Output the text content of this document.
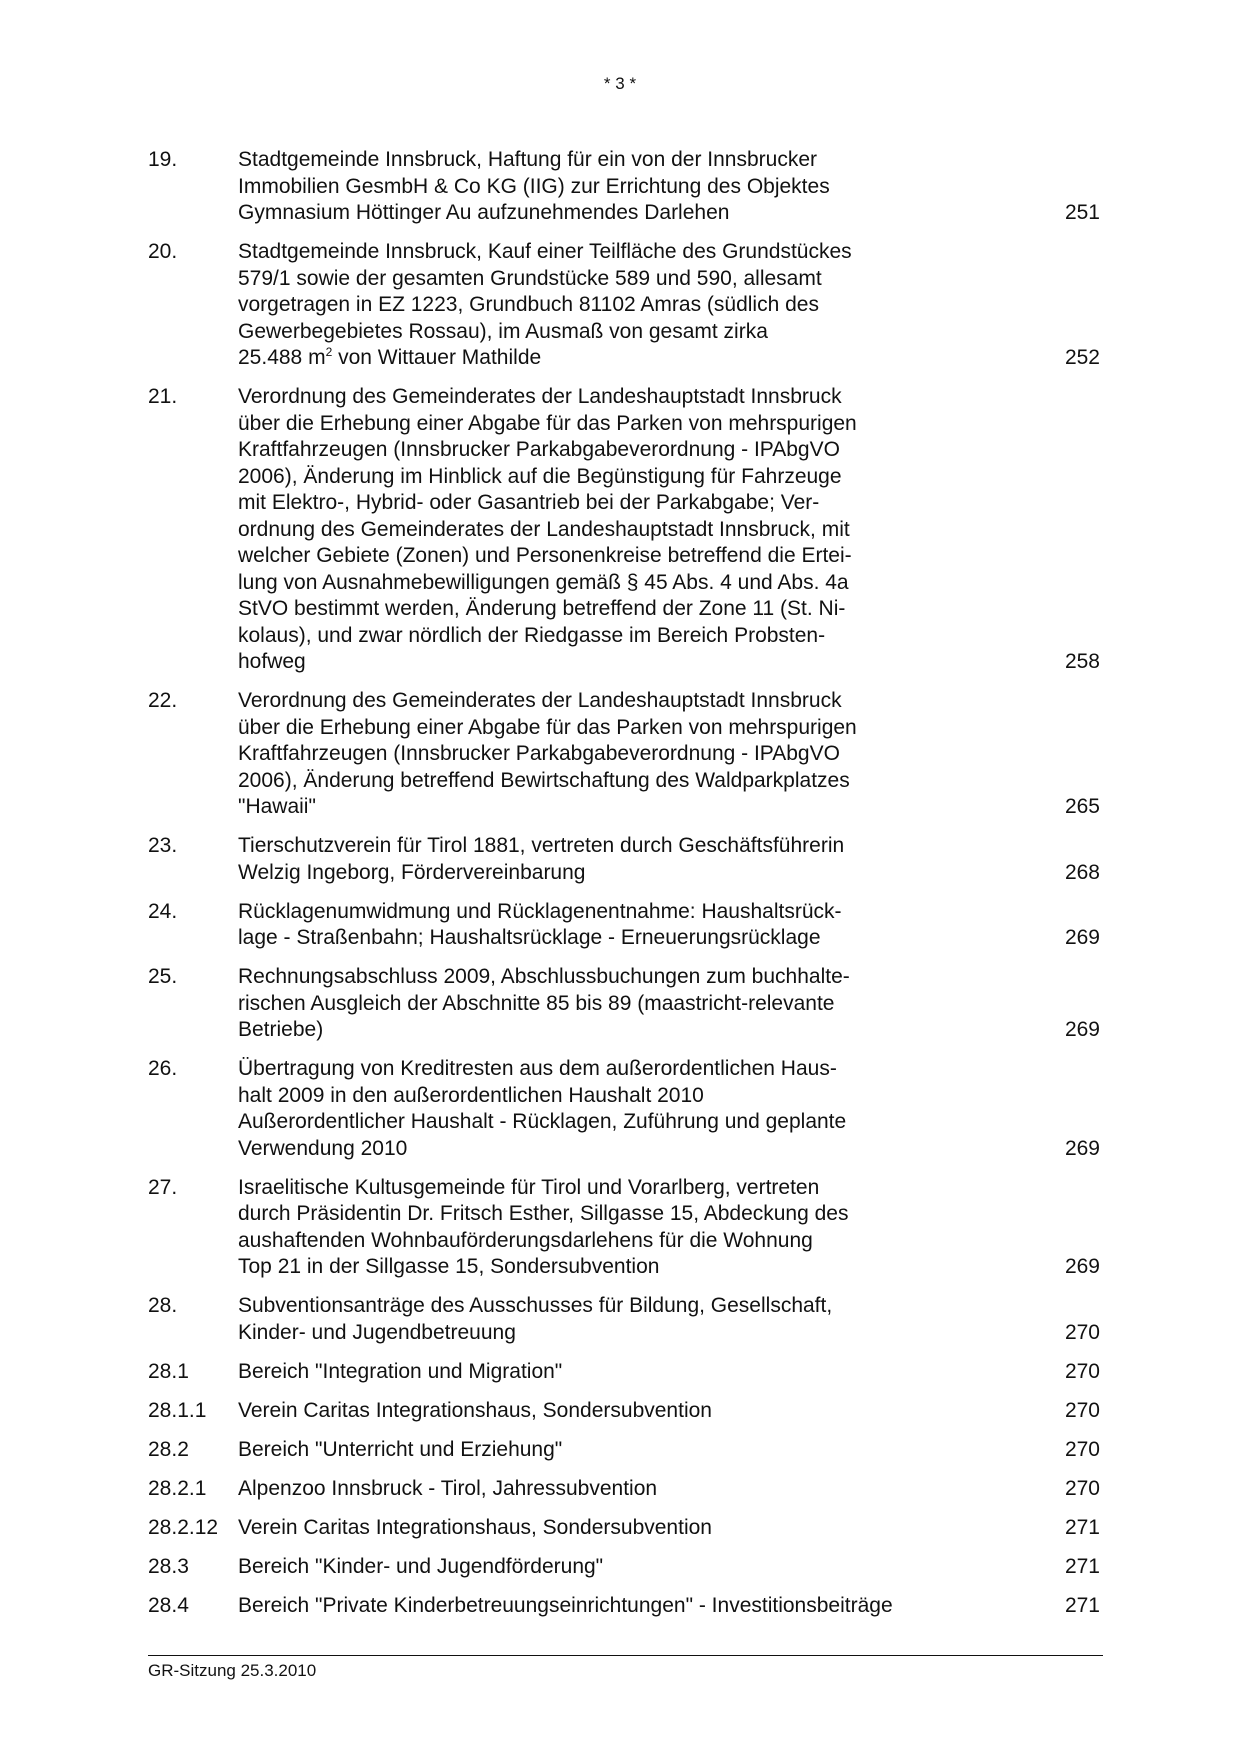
* 3 *
19.	Stadtgemeinde Innsbruck, Haftung für ein von der Innsbrucker
Immobilien GesmbH & Co KG (IIG) zur Errichtung des Objektes
Gymnasium Höttinger Au aufzunehmendes Darlehen	251
20.	Stadtgemeinde Innsbruck, Kauf einer Teilfläche des Grundstückes
579/1 sowie der gesamten Grundstücke 589 und 590, allesamt
vorgetragen in EZ 1223, Grundbuch 81102 Amras (südlich des
Gewerbegebietes Rossau), im Ausmaß von gesamt zirka
25.488 $m^2$ von Wittauer Mathilde	252
21.	Verordnung des Gemeinderates der Landeshauptstadt Innsbruck
über die Erhebung einer Abgabe für das Parken von mehrspurigen
Kraftfahrzeugen (Innsbrucker Parkabgabeverordnung - IPAbgVO
2006), Änderung im Hinblick auf die Begünstigung für Fahrzeuge
mit Elektro-, Hybrid- oder Gasantrieb bei der Parkabgabe; Ver-
ordnung des Gemeinderates der Landeshauptstadt Innsbruck, mit
welcher Gebiete (Zonen) und Personenkreise betreffend die Ertei-
lung von Ausnahmebewilligungen gemäß § 45 Abs. 4 und Abs. 4a
StVO bestimmt werden, Änderung betreffend der Zone 11 (St. Ni-
kolaus), und zwar nördlich der Riedgasse im Bereich Probsten-
hofweg	258
22.	Verordnung des Gemeinderates der Landeshauptstadt Innsbruck
über die Erhebung einer Abgabe für das Parken von mehrspurigen
Kraftfahrzeugen (Innsbrucker Parkabgabeverordnung - IPAbgVO
2006), Änderung betreffend Bewirtschaftung des Waldparkplatzes
"Hawaii"	265
23.	Tierschutzverein für Tirol 1881, vertreten durch Geschäftsführerin
Welzig Ingeborg, Fördervereinbarung	268
24.	Rücklagenumwidmung und Rücklagenentnahme: Haushaltsrück-
lage - Straßenbahn; Haushaltsrücklage - Erneuerungsrücklage	269
25.	Rechnungsabschluss 2009, Abschlussbuchungen zum buchhalte-
rischen Ausgleich der Abschnitte 85 bis 89 (maastricht-relevante
Betriebe)	269
26.	Übertragung von Kreditresten aus dem außerordentlichen Haus-
halt 2009 in den außerordentlichen Haushalt 2010
Außerordentlicher Haushalt - Rücklagen, Zuführung und geplante
Verwendung 2010	269
27.	Israelitische Kultusgemeinde für Tirol und Vorarlberg, vertreten
durch Präsidentin Dr. Fritsch Esther, Sillgasse 15, Abdeckung des
aushaftenden Wohnbauförderungsdarlehens für die Wohnung
Top 21 in der Sillgasse 15, Sondersubvention	269
28.	Subventionsanträge des Ausschusses für Bildung, Gesellschaft,
Kinder- und Jugendbetreuung	270
28.1	Bereich "Integration und Migration"	270
28.1.1	Verein Caritas Integrationshaus, Sondersubvention	270
28.2	Bereich "Unterricht und Erziehung"	270
28.2.1	Alpenzoo Innsbruck - Tirol, Jahressubvention	270
28.2.12 Verein Caritas Integrationshaus, Sondersubvention	271
28.3	Bereich "Kinder- und Jugendförderung"	271
28.4	Bereich "Private Kinderbetreuungseinrichtungen" - Investitionsbeiträge	271
GR-Sitzung 25.3.2010
